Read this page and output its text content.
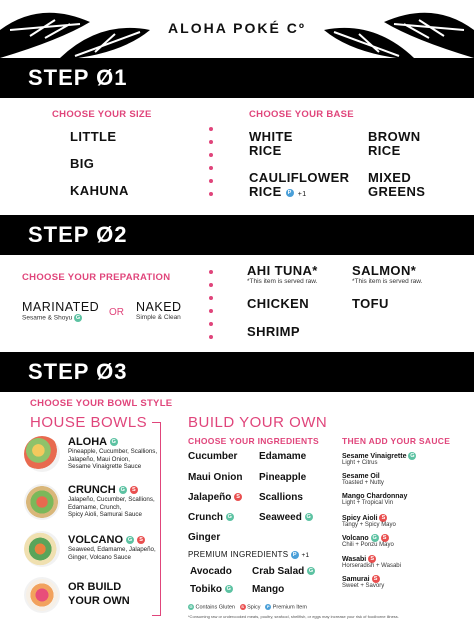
ALOHA POKÉ Cº
STEP Ø1
CHOOSE YOUR SIZE
LITTLE
BIG
KAHUNA
CHOOSE YOUR BASE
WHITE
RICE
BROWN
RICE
CAULIFLOWER
RICE P +1
MIXED
GREENS
STEP Ø2
CHOOSE YOUR PREPARATION
MARINATED
Sesame & Shoyu G	OR NAKED
Simple & Clean
AHI TUNA*
*This item is served raw.
SALMON*
*This item is served raw.
CHICKEN	TOFU
SHRIMP
STEP Ø3
CHOOSE YOUR BOWL STYLE
HOUSE BOWLS
ALOHA G
Pineapple, Cucumber, Scallions,
Jalapeño, Maui Onion,
Sesame Vinaigrette Sauce
CRUNCH G S
Jalapeño, Cucumber, Scallions,
Edamame, Crunch,
Spicy Aioli, Samurai Sauce
VOLCANO G S
Seaweed, Edamame, Jalapeño,
Ginger, Volcano Sauce
OR BUILD
YOUR OWN
BUILD YOUR OWN
CHOOSE YOUR INGREDIENTS
Cucumber
Maui Onion
Jalapeño S
Crunch G
Ginger
Edamame
Pineapple
Scallions
Seaweed G
PREMIUM INGREDIENTS P +1
Avocado
Tobiko G
Crab Salad G
Mango
THEN ADD YOUR SAUCE
Sesame Vinaigrette G
Light + Citrus
Sesame Oil
Toasted + Nutty
Mango Chardonnay
Light + Tropical Vin
Spicy Aioli S
Tangy + Spicy Mayo
Volcano G S
Chili + Ponzu Mayo
Wasabi S
Horseradish + Wasabi
Samurai S
Sweet + Savory
G Contains Gluten S Spicy P Premium Item
*Consuming raw or undercooked meats, poultry, seafood, shellfish, or eggs may increase your risk of foodborne illness.
